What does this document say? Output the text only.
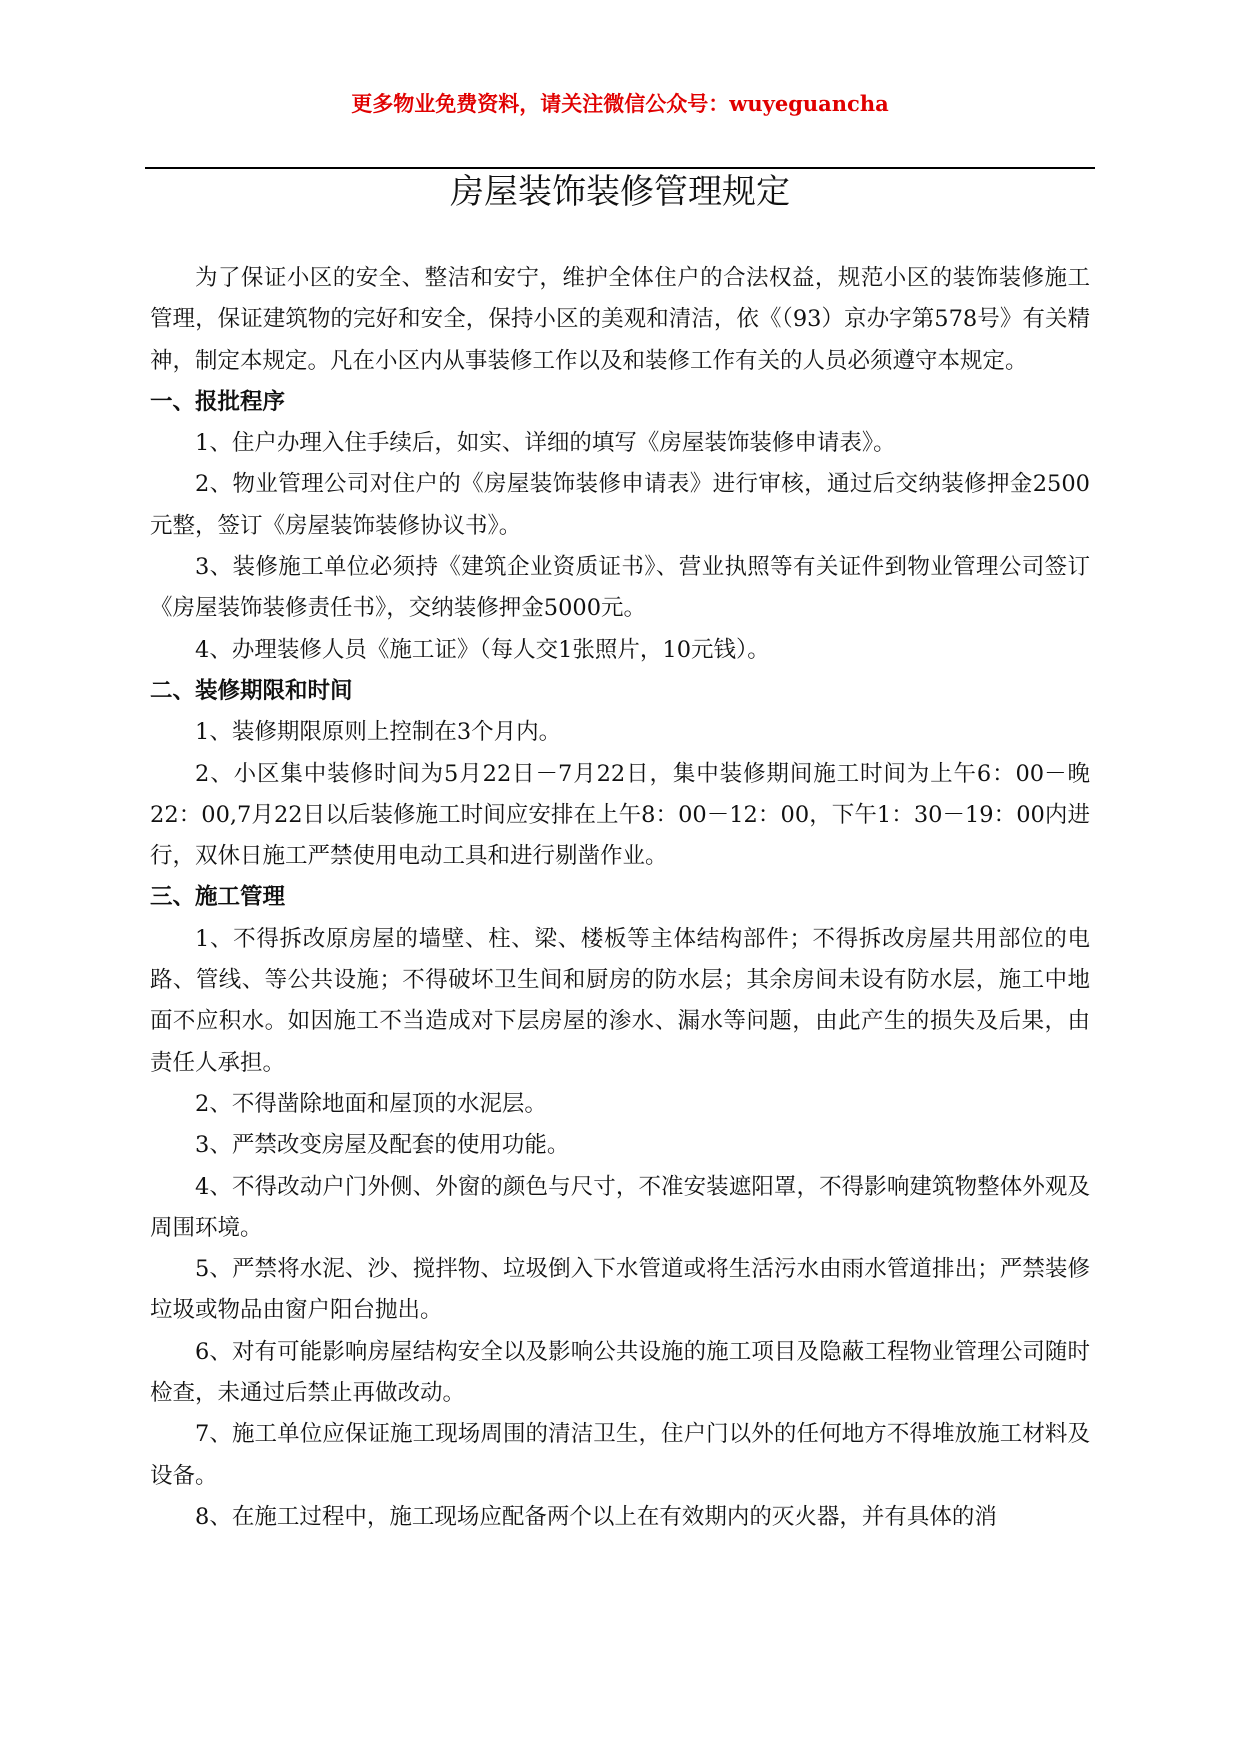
更多物业免费资料，请关注微信公众号：wuyeguancha
房屋装饰装修管理规定

为了保证小区的安全、整洁和安宁，维护全体住户的合法权益，规范小区的装饰装修施工管理，保证建筑物的完好和安全，保持小区的美观和清洁，依《（93）京办字第578号》有关精神，制定本规定。凡在小区内从事装修工作以及和装修工作有关的人员必须遵守本规定。

一、报批程序

1、住户办理入住手续后，如实、详细的填写《房屋装饰装修申请表》。

2、物业管理公司对住户的《房屋装饰装修申请表》进行审核，通过后交纳装修押金2500元整，签订《房屋装饰装修协议书》。

3、装修施工单位必须持《建筑企业资质证书》、营业执照等有关证件到物业管理公司签订《房屋装饰装修责任书》，交纳装修押金5000元。

4、办理装修人员《施工证》（每人交1张照片，10元钱）。

二、装修期限和时间

1、装修期限原则上控制在3个月内。

2、小区集中装修时间为5月22日－7月22日，集中装修期间施工时间为上午6：00－晚22：00,7月22日以后装修施工时间应安排在上午8：00－12：00，下午1：30－19：00内进行，双休日施工严禁使用电动工具和进行剔凿作业。

三、施工管理

1、不得拆改原房屋的墙壁、柱、梁、楼板等主体结构部件；不得拆改房屋共用部位的电路、管线、等公共设施；不得破坏卫生间和厨房的防水层；其余房间未设有防水层，施工中地面不应积水。如因施工不当造成对下层房屋的渗水、漏水等问题，由此产生的损失及后果，由责任人承担。

2、不得凿除地面和屋顶的水泥层。

3、严禁改变房屋及配套的使用功能。

4、不得改动户门外侧、外窗的颜色与尺寸，不准安装遮阳罩，不得影响建筑物整体外观及周围环境。

5、严禁将水泥、沙、搅拌物、垃圾倒入下水管道或将生活污水由雨水管道排出；严禁装修垃圾或物品由窗户阳台抛出。

6、对有可能影响房屋结构安全以及影响公共设施的施工项目及隐蔽工程物业管理公司随时检查，未通过后禁止再做改动。

7、施工单位应保证施工现场周围的清洁卫生，住户门以外的任何地方不得堆放施工材料及设备。

8、在施工过程中，施工现场应配备两个以上在有效期内的灭火器，并有具体的消
